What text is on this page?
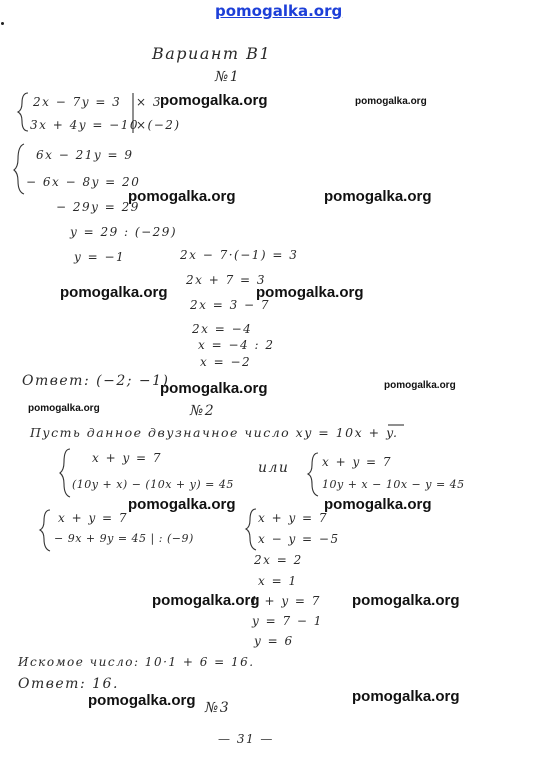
pomogalka.org
Вариант В1
№1
2x − 7y = 3 × 3
3x + 4y = −10
×(−2)
6x − 21y = 9
− 6x − 8y = 20
− 29y = 29
y = 29 : (−29)
y = −1	2x − 7·(−1) = 3
2x + 7 = 3
2x = 3 − 7
2x = −4
x = −4 : 2
x = −2
Ответ: (−2; −1)
№2
Пусть данное двузначное число xy = 10x + y.
x + y = 7
(10y + x) − (10x + y) = 45
или	x + y = 7
10y + x − 10x − y = 45
x + y = 7
− 9x + 9y = 45 | : (−9)
x + y = 7
x − y = −5
2x = 2
x = 1
1 + y = 7
y = 7 − 1
y = 6
Искомое число: 10·1 + 6 = 16.
Ответ: 16.
№3
— 31 —
pomogalka.org	pomogalka.org
pomogalka.org	pomogalka.org
pomogalka.org	pomogalka.org
pomogalka.org	pomogalka.org
pomogalka.org
pomogalka.org	pomogalka.org
pomogalka.org	pomogalka.org
pomogalka.org	pomogalka.org
